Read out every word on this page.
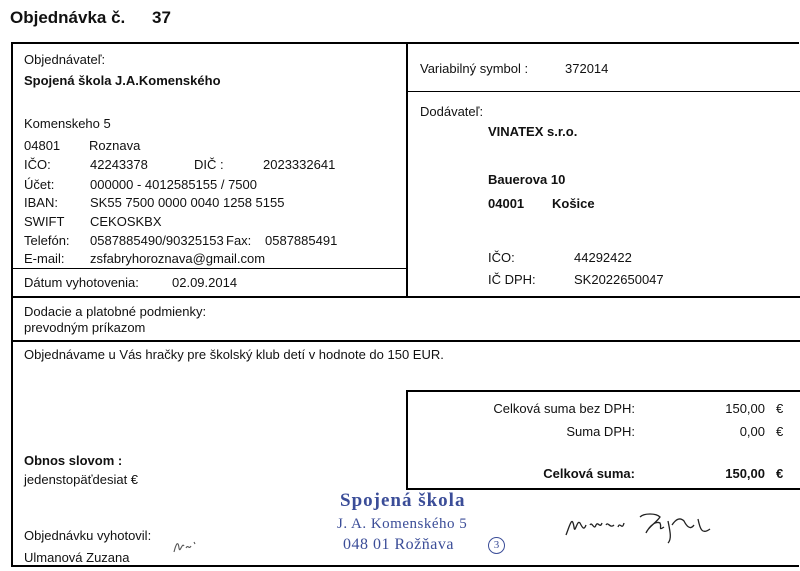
Objednávka č. 37
Objednávateľ:
Spojená škola J.A.Komenského
Komenskeho 5
04801 Roznava
IČO:	42243378	DIČ :	2023332641
Účet:	000000 - 4012585155 / 7500
IBAN: SK55 7500 0000 0040 1258 5155
SWIFT CEKOSKBX
Telefón: 0587885490/90325153 Fax: 0587885491
E-mail: zsfabryhoroznava@gmail.com
Dátum vyhotovenia:	02.09.2014
Variabilný symbol :	372014
Dodávateľ:
VINATEX s.r.o.
Bauerova 10
04001 Košice
IČO:	44292422
IČ DPH:	SK2022650047
Dodacie a platobné podmienky:
prevodným príkazom
Objednávame u Vás hračky pre školský klub detí v hodnote do 150 EUR.
Celková suma bez DPH:	150,00 €
Suma DPH:	0,00 €
Celková suma:	150,00 €
Obnos slovom :
jedenstopäťdesiat €
Objednávku vyhotovil:
Ulmanová Zuzana
Spojená škola
J. A. Komenského 5
048 01 Rožňava	3
